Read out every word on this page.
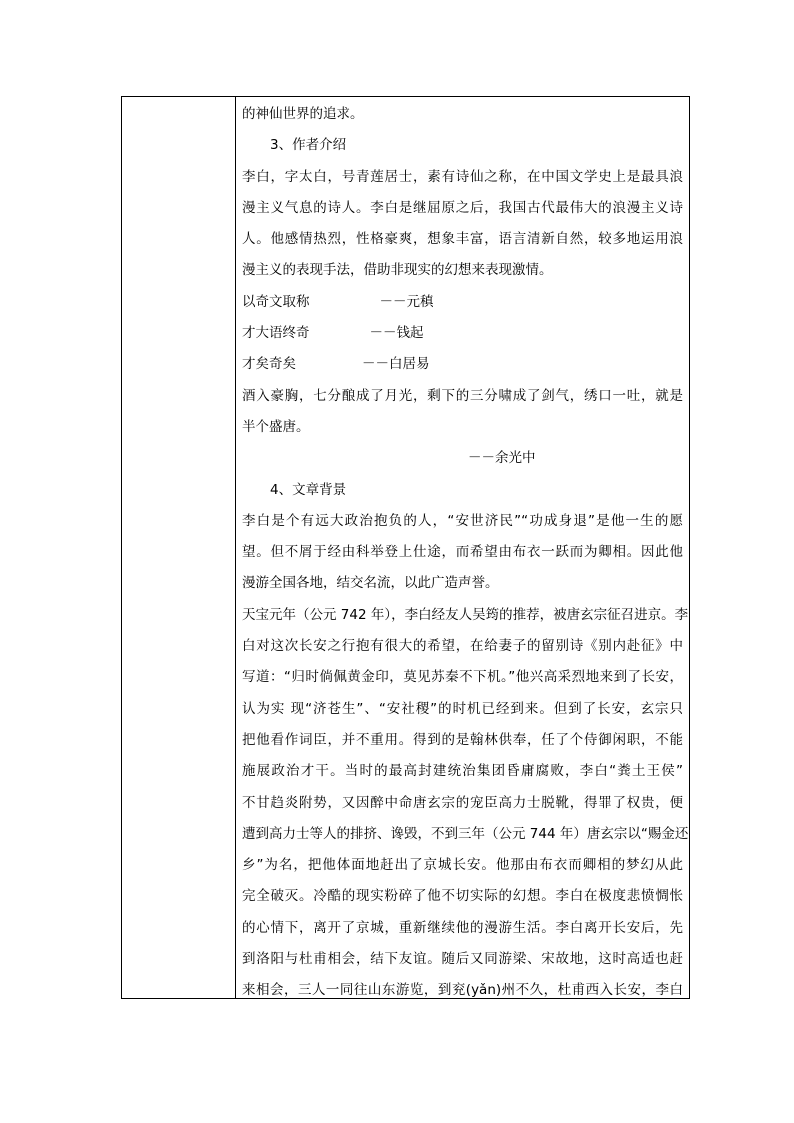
的神仙世界的追求。
3、作者介绍
李白，字太白，号青莲居士，素有诗仙之称，在中国文学史上是最具浪
漫主义气息的诗人。李白是继屈原之后，我国古代最伟大的浪漫主义诗
人。他感情热烈，性格豪爽，想象丰富，语言清新自然，较多地运用浪
漫主义的表现手法，借助非现实的幻想来表现激情。
以奇文取称	－－元稹
才大语终奇	－－钱起
才矣奇矣	－－白居易
酒入豪胸，七分酿成了月光，剩下的三分啸成了剑气，绣口一吐，就是
半个盛唐。
－－余光中
4、文章背景
李白是个有远大政治抱负的人，“安世济民”“功成身退”是他一生的愿
望。但不屑于经由科举登上仕途，而希望由布衣一跃而为卿相。因此他
漫游全国各地，结交名流，以此广造声誉。
天宝元年（公元 742 年），李白经友人吴筠的推荐，被唐玄宗征召进京。李
白对这次长安之行抱有很大的希望，在给妻子的留别诗《别内赴征》中
写道：“归时倘佩黄金印，莫见苏秦不下机。”他兴高采烈地来到了长安，
认为实 现“济苍生”、“安社稷”的时机已经到来。但到了长安，玄宗只
把他看作词臣，并不重用。得到的是翰林供奉，任了个侍御闲职，不能
施展政治才干。当时的最高封建统治集团昏庸腐败，李白“粪土王侯”
不甘趋炎附势，又因醉中命唐玄宗的宠臣高力士脱靴，得罪了权贵，便
遭到高力士等人的排挤、谗毁，不到三年（公元 744 年）唐玄宗以“赐金还
乡”为名，把他体面地赶出了京城长安。他那由布衣而卿相的梦幻从此
完全破灭。冷酷的现实粉碎了他不切实际的幻想。李白在极度悲愤惆怅
的心情下，离开了京城，重新继续他的漫游生活。李白离开长安后，先
到洛阳与杜甫相会，结下友谊。随后又同游梁、宋故地，这时高适也赶
来相会，三人一同往山东游览，到兖(yǎn)州不久，杜甫西入长安，李白
